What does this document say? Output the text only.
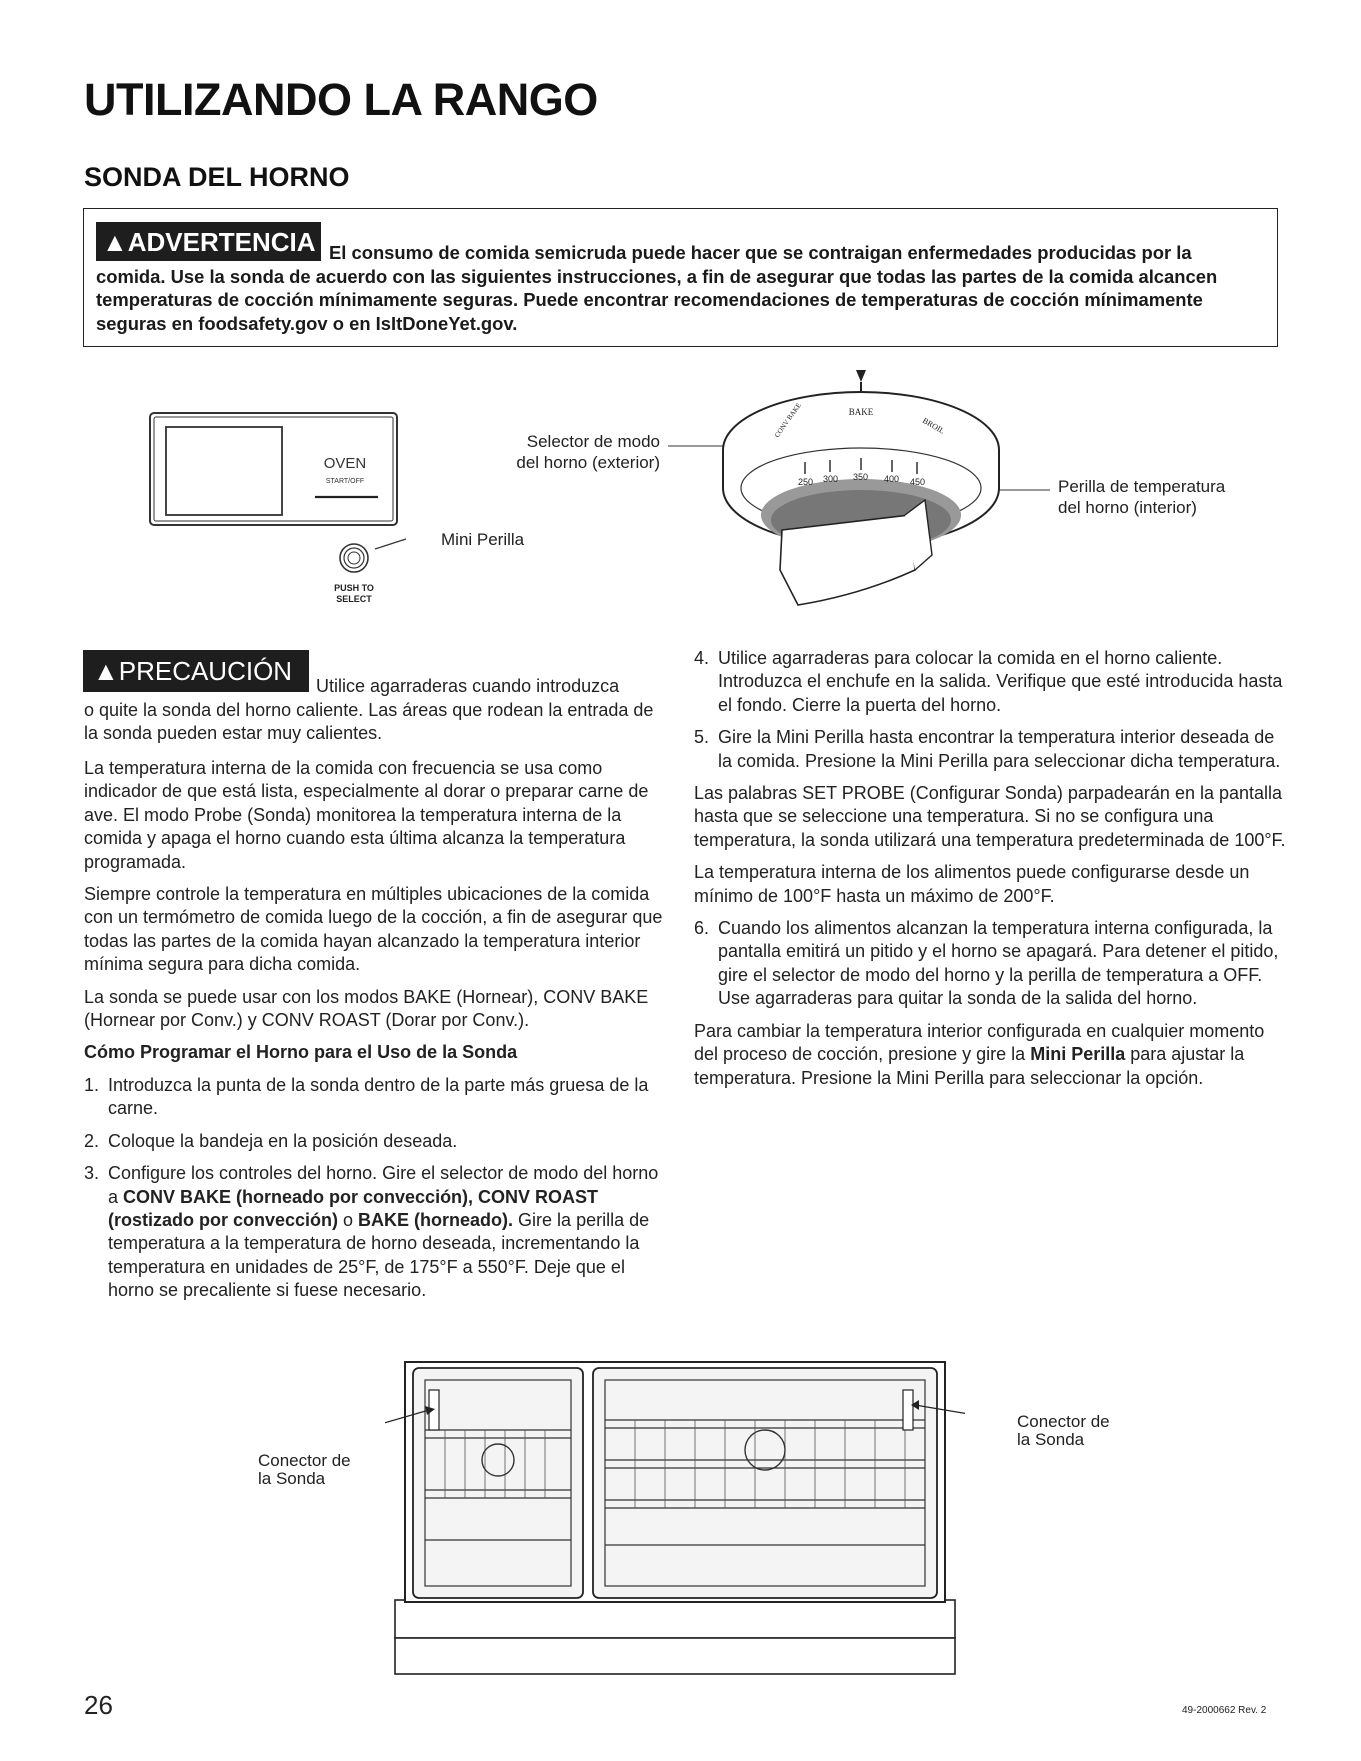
UTILIZANDO LA RANGO
SONDA DEL HORNO
▲ADVERTENCIA El consumo de comida semicruda puede hacer que se contraigan enfermedades producidas por la comida. Use la sonda de acuerdo con las siguientes instrucciones, a fin de asegurar que todas las partes de la comida alcancen temperaturas de cocción mínimamente seguras. Puede encontrar recomendaciones de temperaturas de cocción mínimamente seguras en foodsafety.gov o en IsItDoneYet.gov.
OVEN
START/OFF
PUSH TO
SELECT
Mini Perilla
Selector de modo
del horno (exterior)
Perilla de temperatura
del horno (interior)
BAKE
BROIL
CONV BAKE
250 300 350 400 450
▲PRECAUCIÓN	Utilice agarraderas cuando introduzca
o quite la sonda del horno caliente. Las áreas que rodean la entrada de la sonda pueden estar muy calientes.

La temperatura interna de la comida con frecuencia se usa como indicador de que está lista, especialmente al dorar o preparar carne de ave. El modo Probe (Sonda) monitorea la temperatura interna de la comida y apaga el horno cuando esta última alcanza la temperatura programada.

Siempre controle la temperatura en múltiples ubicaciones de la comida con un termómetro de comida luego de la cocción, a fin de asegurar que todas las partes de la comida hayan alcanzado la temperatura interior mínima segura para dicha comida.

La sonda se puede usar con los modos BAKE (Hornear), CONV BAKE (Hornear por Conv.) y CONV ROAST (Dorar por Conv.).

Cómo Programar el Horno para el Uso de la Sonda

1. Introduzca la punta de la sonda dentro de la parte más gruesa de la carne.
2. Coloque la bandeja en la posición deseada.
3. Configure los controles del horno. Gire el selector de modo del horno a CONV BAKE (horneado por convección), CONV ROAST (rostizado por convección) o BAKE (horneado). Gire la perilla de temperatura a la temperatura de horno deseada, incrementando la temperatura en unidades de 25°F, de 175°F a 550°F. Deje que el horno se precaliente si fuese necesario.
4. Utilice agarraderas para colocar la comida en el horno caliente. Introduzca el enchufe en la salida. Verifique que esté introducida hasta el fondo. Cierre la puerta del horno.
5. Gire la Mini Perilla hasta encontrar la temperatura interior deseada de la comida. Presione la Mini Perilla para seleccionar dicha temperatura.

Las palabras SET PROBE (Configurar Sonda) parpadearán en la pantalla hasta que se seleccione una temperatura. Si no se configura una temperatura, la sonda utilizará una temperatura predeterminada de 100°F.

La temperatura interna de los alimentos puede configurarse desde un mínimo de 100°F hasta un máximo de 200°F.

6. Cuando los alimentos alcanzan la temperatura interna configurada, la pantalla emitirá un pitido y el horno se apagará. Para detener el pitido, gire el selector de modo del horno y la perilla de temperatura a OFF. Use agarraderas para quitar la sonda de la salida del horno.

Para cambiar la temperatura interior configurada en cualquier momento del proceso de cocción, presione y gire la Mini Perilla para ajustar la temperatura. Presione la Mini Perilla para seleccionar la opción.

Conector de
la Sonda
Conector de
la Sonda
26	49-2000662 Rev. 2
